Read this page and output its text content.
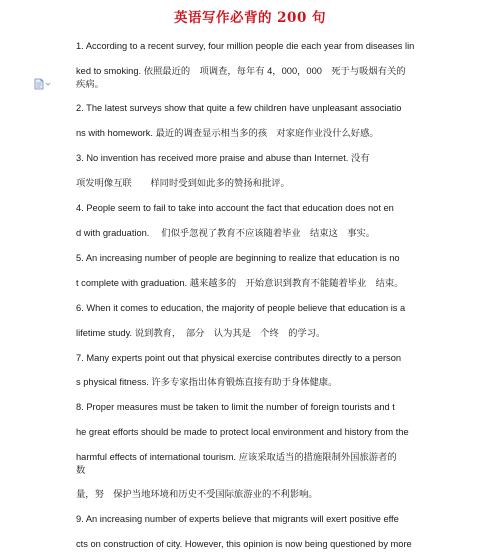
英语写作必背的 200 句
1. According to a recent survey, four million people die each year from diseases lin
ked to smoking. 依照最近的　项调查，每年有 4，000，000　死于与吸烟有关的
疾病。
2. The latest surveys show that quite a few children have unpleasant associatio
ns with homework. 最近的调查显示相当多的孩　对家庭作业没什么好感。
3. No invention has received more praise and abuse than Internet. 没有
项发明像互联　　样同时受到如此多的赞扬和批评。
4. People seem to fail to take into account the fact that education does not en
d with graduation.　 们似乎忽视了教育不应该随着毕业　结束这　事实。
5. An increasing number of people are beginning to realize that education is no
t complete with graduation. 越来越多的　开始意识到教育不能随着毕业　结束。
6. When it comes to education, the majority of people believe that education is a
lifetime study. 说到教育，　部分　认为其是　个终　的学习。
7. Many experts point out that physical exercise contributes directly to a person
s physical fitness. 许多专家指出体育锻炼直接有助于身体健康。
8. Proper measures must be taken to limit the number of foreign tourists and t
he great efforts should be made to protect local environment and history from the
harmful effects of international tourism. 应该采取适当的措施限制外国旅游者的
数
量，努　保护当地环境和历史不受国际旅游业的不利影响。
9. An increasing number of experts believe that migrants will exert positive effe
cts on construction of city. However, this opinion is now being questioned by more
